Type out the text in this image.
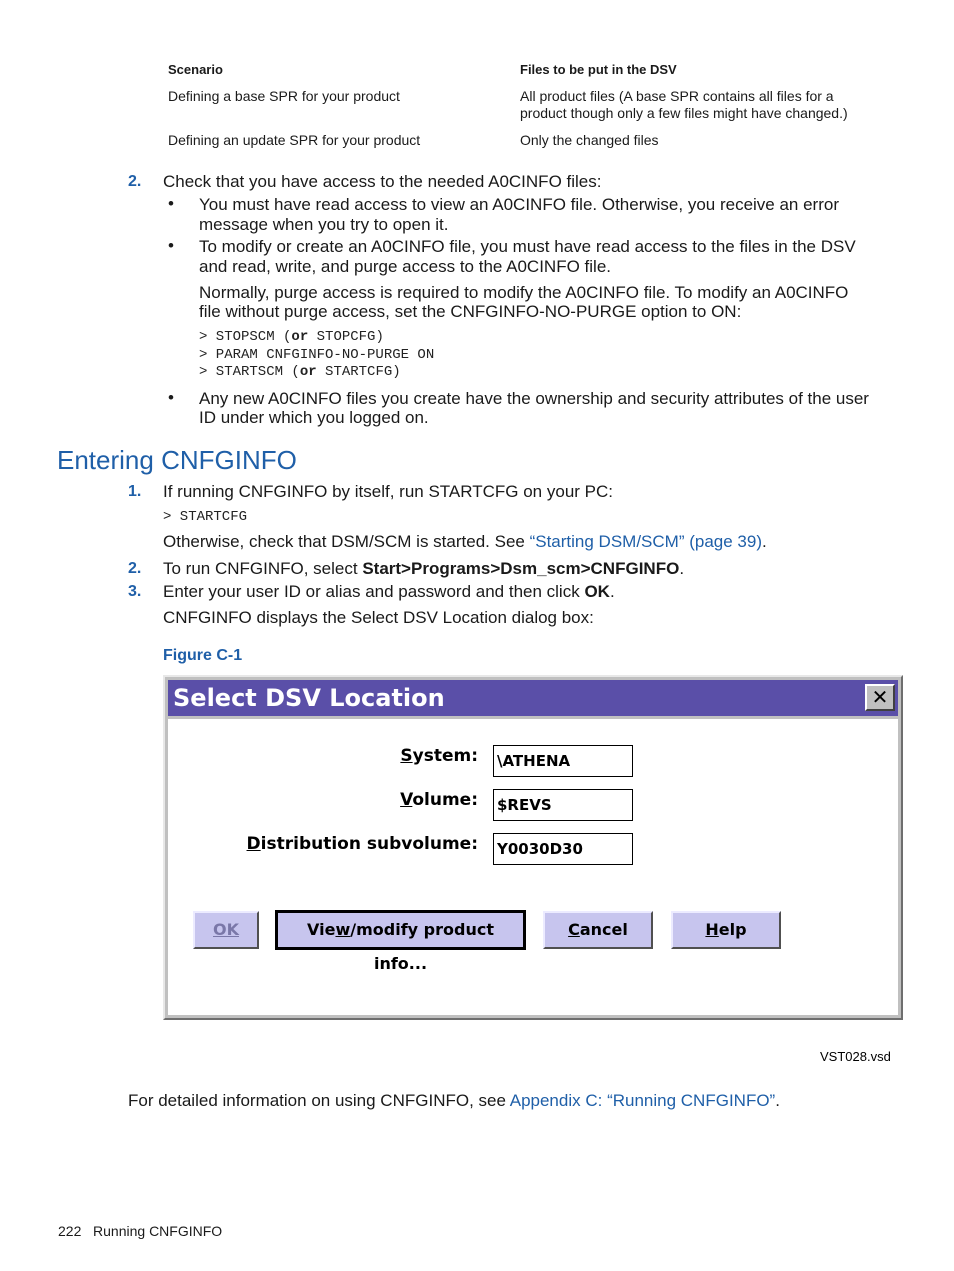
Scenario	Files to be put in the DSV
Defining a base SPR for your product	All product files (A base SPR contains all files for a
product though only a few files might have changed.)
Defining an update SPR for your product	Only the changed files
2. Check that you have access to the needed A0CINFO files:
• You must have read access to view an A0CINFO file. Otherwise, you receive an error
message when you try to open it.
• To modify or create an A0CINFO file, you must have read access to the files in the DSV
and read, write, and purge access to the A0CINFO file.
Normally, purge access is required to modify the A0CINFO file. To modify an A0CINFO
file without purge access, set the CNFGINFO-NO-PURGE option to ON:
> STOPSCM (or STOPCFG)
> PARAM CNFGINFO-NO-PURGE ON
> STARTSCM (or STARTCFG)
• Any new A0CINFO files you create have the ownership and security attributes of the user
ID under which you logged on.
Entering CNFGINFO
1. If running CNFGINFO by itself, run STARTCFG on your PC:
> STARTCFG
Otherwise, check that DSM/SCM is started. See “Starting DSM/SCM” (page 39).
2. To run CNFGINFO, select Start>Programs>Dsm_scm>CNFGINFO.
3. Enter your user ID or alias and password and then click OK.
CNFGINFO displays the Select DSV Location dialog box:
Figure C-1
Select DSV Location	✕
System: \ATHENA
Volume: $REVS
Distribution subvolume: Y0030D30
OK	View/modify product info...
Cancel	Help
VST028.vsd
For detailed information on using CNFGINFO, see Appendix C: “Running CNFGINFO”.
222 Running CNFGINFO
